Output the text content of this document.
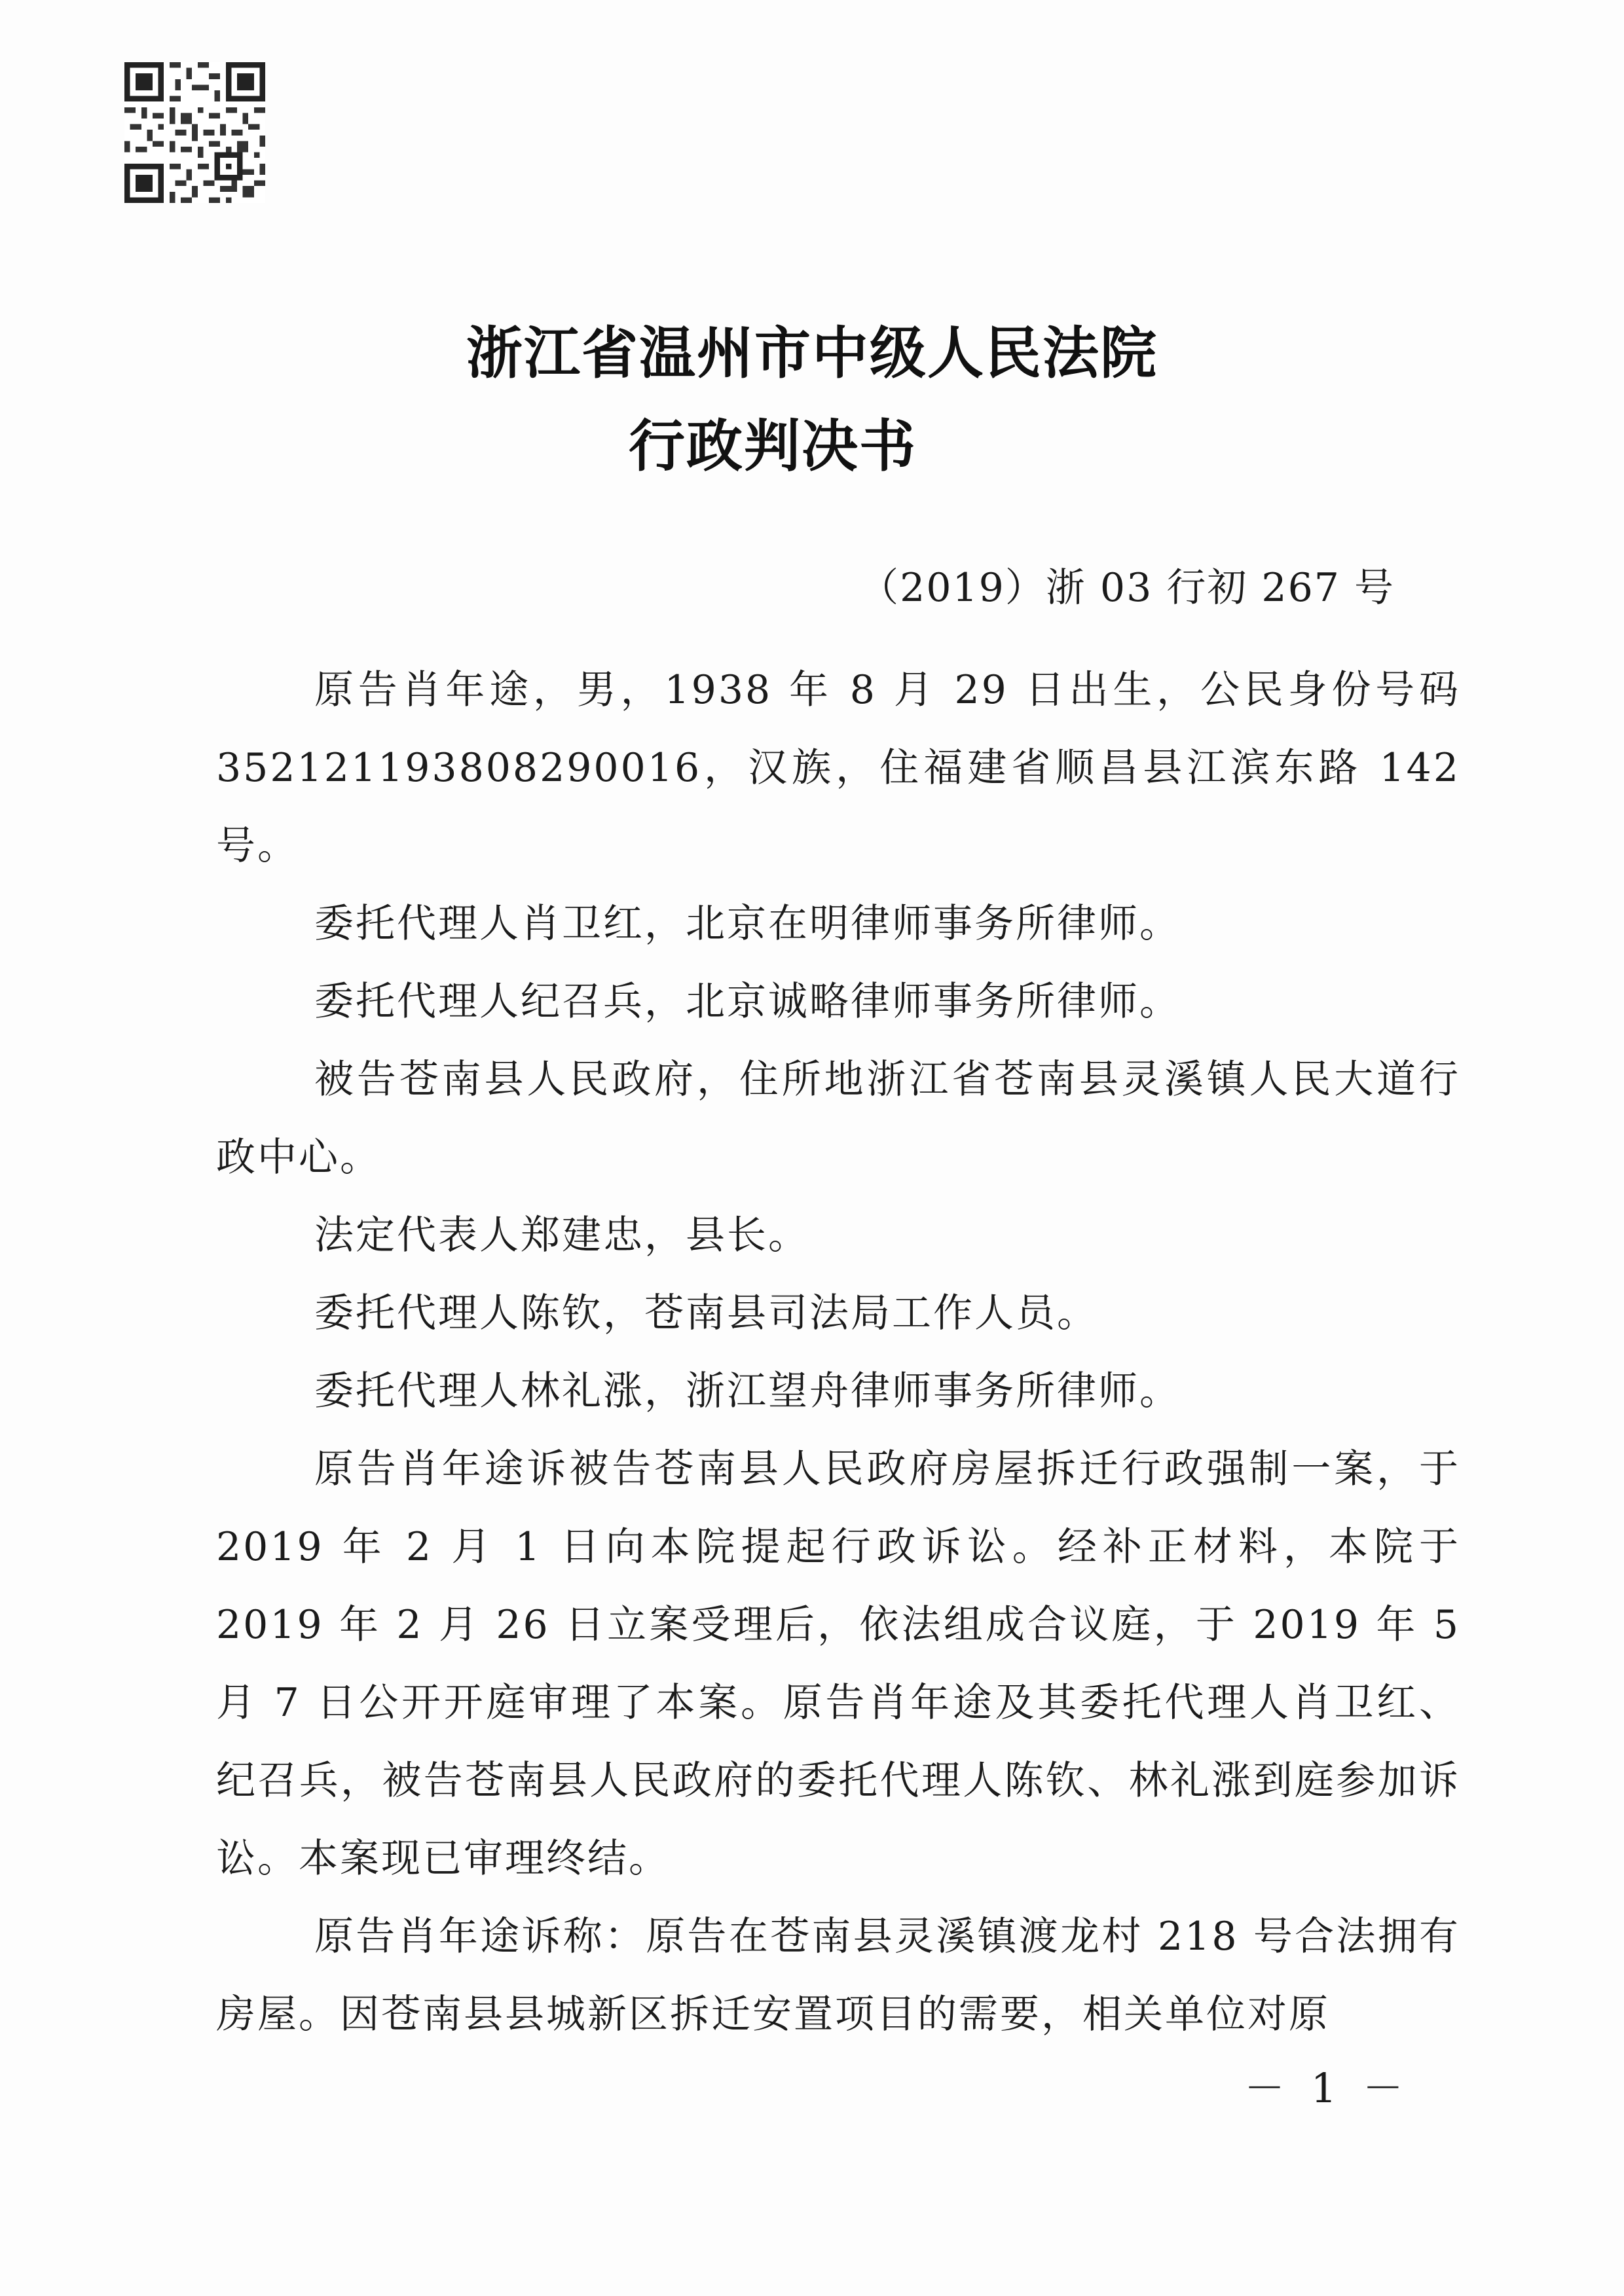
浙江省温州市中级人民法院
行政判决书
（2019）浙 03 行初 267 号

原告肖年途，男，1938 年 8 月 29 日出生，公民身份号码352121193808290016，汉族，住福建省顺昌县江滨东路 142 号。

委托代理人肖卫红，北京在明律师事务所律师。

委托代理人纪召兵，北京诚略律师事务所律师。

被告苍南县人民政府，住所地浙江省苍南县灵溪镇人民大道行政中心。

法定代表人郑建忠，县长。

委托代理人陈钦，苍南县司法局工作人员。

委托代理人林礼涨，浙江望舟律师事务所律师。

原告肖年途诉被告苍南县人民政府房屋拆迁行政强制一案，于 2019 年 2 月 1 日向本院提起行政诉讼。经补正材料，本院于 2019 年 2 月 26 日立案受理后，依法组成合议庭，于 2019 年 5 月 7 日公开开庭审理了本案。原告肖年途及其委托代理人肖卫红、纪召兵，被告苍南县人民政府的委托代理人陈钦、林礼涨到庭参加诉讼。本案现已审理终结。

原告肖年途诉称：原告在苍南县灵溪镇渡龙村 218 号合法拥有房屋。因苍南县县城新区拆迁安置项目的需要，相关单位对原

－ 1 －
